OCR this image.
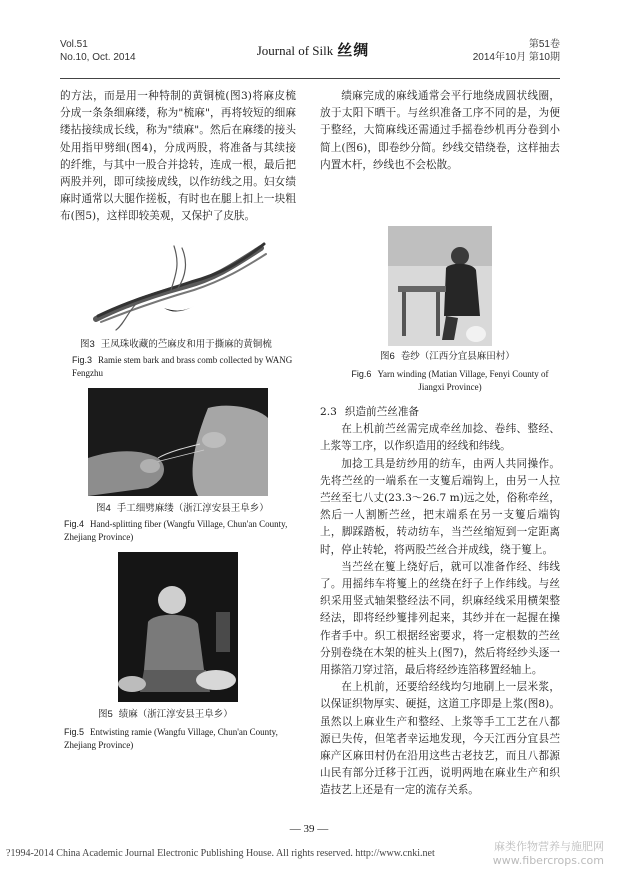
Vol.51
No.10, Oct. 2014	Journal of Silk 丝绸	第51卷
2014年10月 第10期

的方法，而是用一种特制的黄铜梳(图3)将麻皮梳分成一条条细麻缕，称为"梳麻"，再将较短的细麻缕拈接续成长线，称为"绩麻"。然后在麻缕的接头处用指甲劈细(图4)，分成两股，将准备与其续接的纤维，与其中一股合并捻转，连成一根，最后把两股并列，即可续接成线，以作纺线之用。妇女绩麻时通常以大腿作搓板，有时也在腿上扣上一块粗布(图5)，这样即较美观，又保护了皮肤。

图3 王凤珠收藏的苎麻皮和用于撕麻的黄铜梳
Fig.3 Ramie stem bark and brass comb collected by WANG Fengzhu
图4 手工细劈麻缕（浙江淳安县王阜乡）
Fig.4 Hand-splitting fiber (Wangfu Village, Chun'an County, Zhejiang Province)
图5 绩麻（浙江淳安县王阜乡）
Fig.5 Entwisting ramie (Wangfu Village, Chun'an County, Zhejiang Province)

绩麻完成的麻线通常会平行地绕成圆状线圈，放于太阳下晒干。与丝织准备工序不同的是，为便于整经，大简麻线还需通过手摇卷纱机再分卷到小简上(图6)，即卷纱分简。纱线交错绕卷，这样抽去内置木杆，纱线也不会松散。

图6 卷纱（江西分宜县麻田村）
Fig.6 Yarn winding (Matian Village, Fenyi County of Jiangxi Province)
2.3 织造前苎丝准备

在上机前苎丝需完成牵丝加捻、卷纬、整经、上浆等工序，以作织造用的经线和纬线。

加捻工具是纺纱用的纺车，由两人共同操作。先将苎丝的一端系在一支篗后端钩上，由另一人拉苎丝至七八丈(23.3～26.7 m)远之处，俗称牵丝，然后一人割断苎丝，把末端系在另一支篗后端钩上，脚踩踏板，转动纺车，当苎丝缩短到一定距离时，停止转轮，将两股苎丝合并成线，绕于篗上。

当苎丝在篗上绕好后，就可以准备作经、纬线了。用摇纬车将篗上的丝绕在纡子上作纬线。与丝织采用竖式轴架整经法不同，织麻经线采用横架整经法，即将经纱篗排列起来，其纱并在一起握在操作者手中。织工根据经密要求，将一定根数的苎丝分别卷绕在木架的桩头上(图7)，然后将经纱头逐一用搽箔刀穿过箔，最后将经纱连箔移置经轴上。

在上机前，还要给经线均匀地刷上一层米浆，以保证织物厚实、硬挺，这道工序即是上浆(图8)。虽然以上麻业生产和整经、上浆等手工工艺在八都源已失传，但笔者幸运地发现，今天江西分宜县苎麻产区麻田村仍在沿用这些古老技艺，而且八都源山民有部分迁移于江西，说明两地在麻业生产和织造技艺上还是有一定的流存关系。

— 39 —
?1994-2014 China Academic Journal Electronic Publishing House. All rights reserved. http://www.cnki.net
麻类作物营养与施肥网
www.fibercrops.com
